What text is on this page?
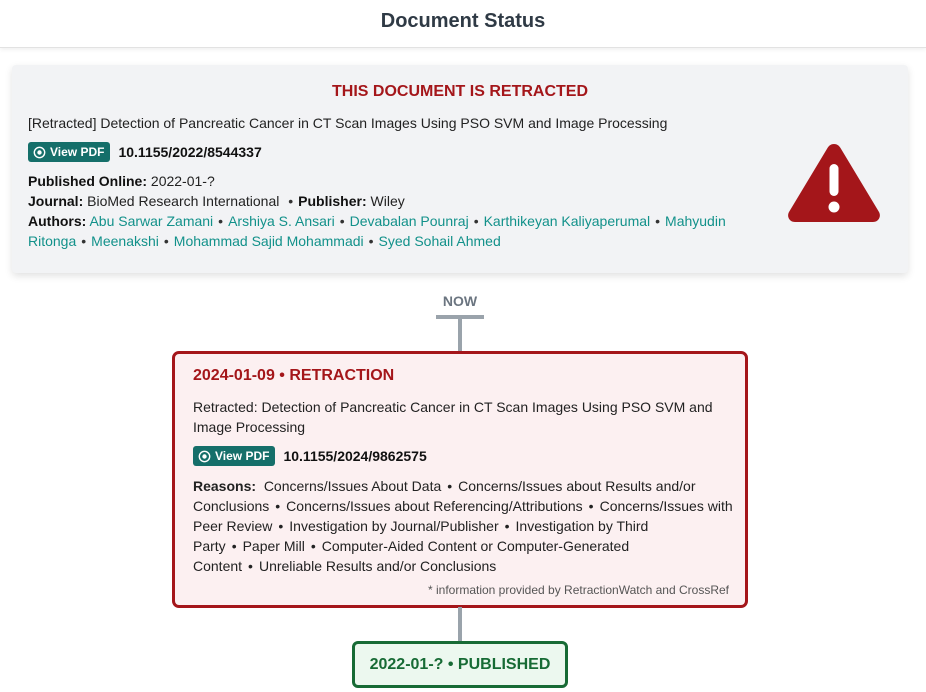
Document Status
THIS DOCUMENT IS RETRACTED
[Retracted] Detection of Pancreatic Cancer in CT Scan Images Using PSO SVM and Image Processing
View PDF 10.1155/2022/8544337
Published Online: 2022-01-?
Journal: BioMed Research International • Publisher: Wiley
Authors: Abu Sarwar Zamani • Arshiya S. Ansari • Devabalan Pounraj • Karthikeyan Kaliyaperumal • Mahyudin Ritonga • Meenakshi • Mohammad Sajid Mohammadi • Syed Sohail Ahmed
NOW
2024-01-09 • RETRACTION
Retracted: Detection of Pancreatic Cancer in CT Scan Images Using PSO SVM and Image Processing
View PDF 10.1155/2024/9862575
Reasons: Concerns/Issues About Data • Concerns/Issues about Results and/or Conclusions • Concerns/Issues about Referencing/Attributions • Concerns/Issues with Peer Review • Investigation by Journal/Publisher • Investigation by Third Party • Paper Mill • Computer-Aided Content or Computer-Generated Content • Unreliable Results and/or Conclusions
* information provided by RetractionWatch and CrossRef
2022-01-? • PUBLISHED
